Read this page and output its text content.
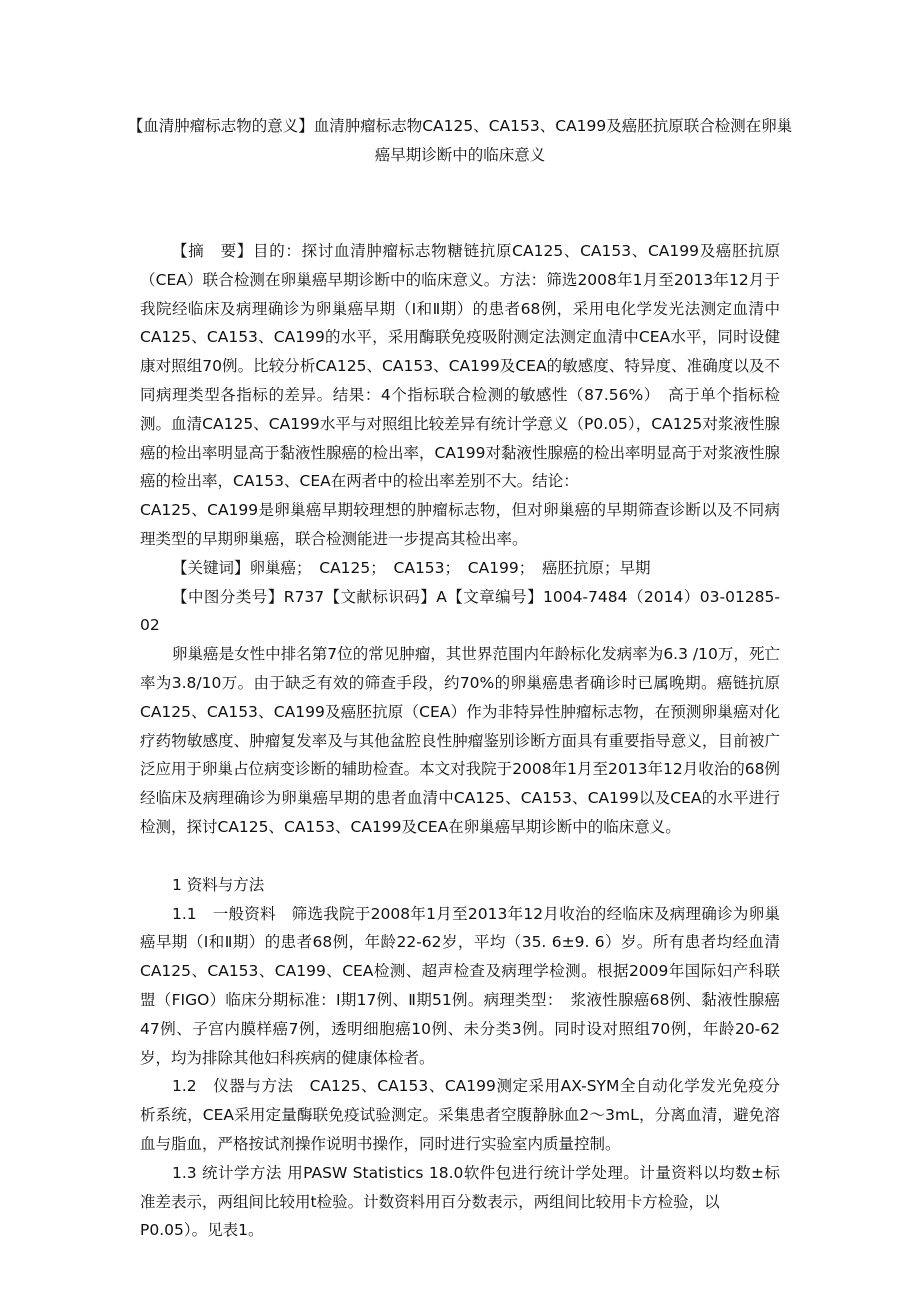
【血清肿瘤标志物的意义】血清肿瘤标志物CA125、CA153、CA199及癌胚抗原联合检测在卵巢癌早期诊断中的临床意义

【摘　要】目的：探讨血清肿瘤标志物糖链抗原CA125、CA153、CA199及癌胚抗原（CEA）联合检测在卵巢癌早期诊断中的临床意义。方法：筛选2008年1月至2013年12月于我院经临床及病理确诊为卵巢癌早期（Ⅰ和Ⅱ期）的患者68例，采用电化学发光法测定血清中CA125、CA153、CA199的水平，采用酶联免疫吸附测定法测定血清中CEA水平，同时设健康对照组70例。比较分析CA125、CA153、CA199及CEA的敏感度、特异度、准确度以及不同病理类型各指标的差异。结果：4个指标联合检测的敏感性（87.56%）　高于单个指标检测。血清CA125、CA199水平与对照组比较差异有统计学意义（P0.05），CA125对浆液性腺癌的检出率明显高于黏液性腺癌的检出率，CA199对黏液性腺癌的检出率明显高于对浆液性腺癌的检出率，CA153、CEA在两者中的检出率差别不大。结论：

CA125、CA199是卵巢癌早期较理想的肿瘤标志物，但对卵巢癌的早期筛查诊断以及不同病理类型的早期卵巢癌，联合检测能进一步提高其检出率。

【关键词】卵巢癌；　CA125；　CA153；　CA199；　癌胚抗原；早期

【中图分类号】R737【文献标识码】A【文章编号】1004-7484（2014）03-01285-02

卵巢癌是女性中排名第7位的常见肿瘤，其世界范围内年龄标化发病率为6.3 /10万，死亡率为3.8/10万。由于缺乏有效的筛查手段，约70%的卵巢癌患者确诊时已属晚期。癌链抗原CA125、CA153、CA199及癌胚抗原（CEA）作为非特异性肿瘤标志物，在预测卵巢癌对化疗药物敏感度、肿瘤复发率及与其他盆腔良性肿瘤鉴别诊断方面具有重要指导意义，目前被广泛应用于卵巢占位病变诊断的辅助检查。本文对我院于2008年1月至2013年12月收治的68例经临床及病理确诊为卵巢癌早期的患者血清中CA125、CA153、CA199以及CEA的水平进行检测，探讨CA125、CA153、CA199及CEA在卵巢癌早期诊断中的临床意义。

1 资料与方法

1.1　一般资料　筛选我院于2008年1月至2013年12月收治的经临床及病理确诊为卵巢癌早期（Ⅰ和Ⅱ期）的患者68例，年龄22-62岁，平均（35. 6±9. 6）岁。所有患者均经血清CA125、CA153、CA199、CEA检测、超声检查及病理学检测。根据2009年国际妇产科联盟（FIGO）临床分期标准：Ⅰ期17例、Ⅱ期51例。病理类型：　浆液性腺癌68例、黏液性腺癌47例、子宫内膜样癌7例，透明细胞癌10例、未分类3例。同时设对照组70例，年龄20-62岁，均为排除其他妇科疾病的健康体检者。

1.2　仪器与方法　CA125、CA153、CA199测定采用AX-SYM全自动化学发光免疫分析系统，CEA采用定量酶联免疫试验测定。采集患者空腹静脉血2～3mL，分离血清，避免溶血与脂血，严格按试剂操作说明书操作，同时进行实验室内质量控制。

1.3 统计学方法 用PASW Statistics 18.0软件包进行统计学处理。计量资料以均数±标准差表示，两组间比较用t检验。计数资料用百分数表示，两组间比较用卡方检验，以

P0.05）。见表1。
